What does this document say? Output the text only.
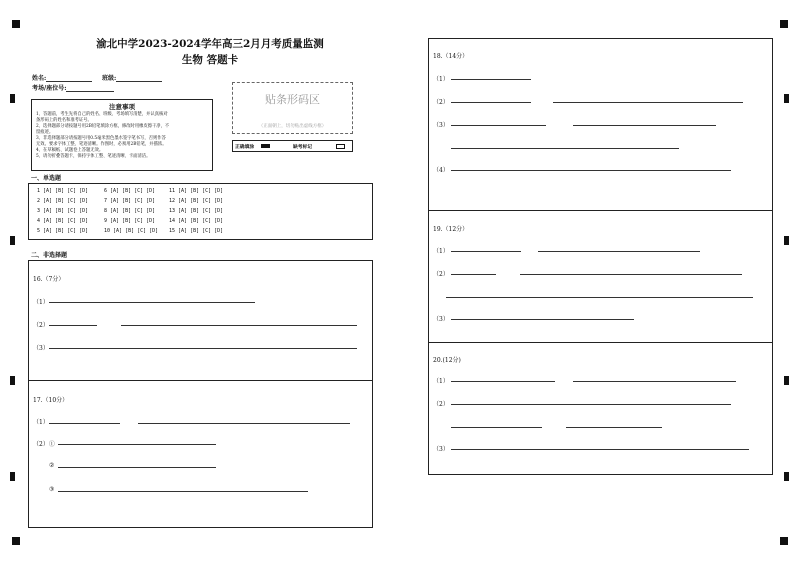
渝北中学2023-2024学年高三2月月考质量监测
生物 答题卡
姓名:	班级:
考场/座位号:
注意事项
1、答题前，考生先将自己的姓名、班级、考场填写清楚，并认真核对
条形码上的姓名和准考证号。
2、选择题部分请按题号用2B铅笔填涂方框，修改时用橡皮擦干净，不
留痕迹。
3、非选择题部分请按题号用0.5毫米黑色墨水签字笔书写，否则作答
无效。要求字体工整、笔迹清晰。作图时，必须用2B铅笔，并描浓。
4、在草稿纸、试题卷上答题无效。
5、请勿折叠答题卡，保持字体工整、笔迹清晰、卡面清洁。
贴条形码区
（正面朝上，切勿贴出虚线方框）
正确填涂	缺考标记
一、单选题
1 [A] [B] [C] [D]	6 [A] [B] [C] [D]	11 [A] [B] [C] [D]
2 [A] [B] [C] [D]	7 [A] [B] [C] [D]	12 [A] [B] [C] [D]
3 [A] [B] [C] [D]	8 [A] [B] [C] [D]	13 [A] [B] [C] [D]
4 [A] [B] [C] [D]	9 [A] [B] [C] [D]	14 [A] [B] [C] [D]
5 [A] [B] [C] [D]	10 [A] [B] [C] [D] 15 [A] [B] [C] [D]
二、非选择题
16.（7分）
（1）
（2）
（3）
17.（10分）
（1）
（2）①
②
③
18.（14分）
（1）
（2）
（3）
（4）
19.（12分）
（1）
（2）
（3）
20.(12分)
（1）
（2）
（3）
